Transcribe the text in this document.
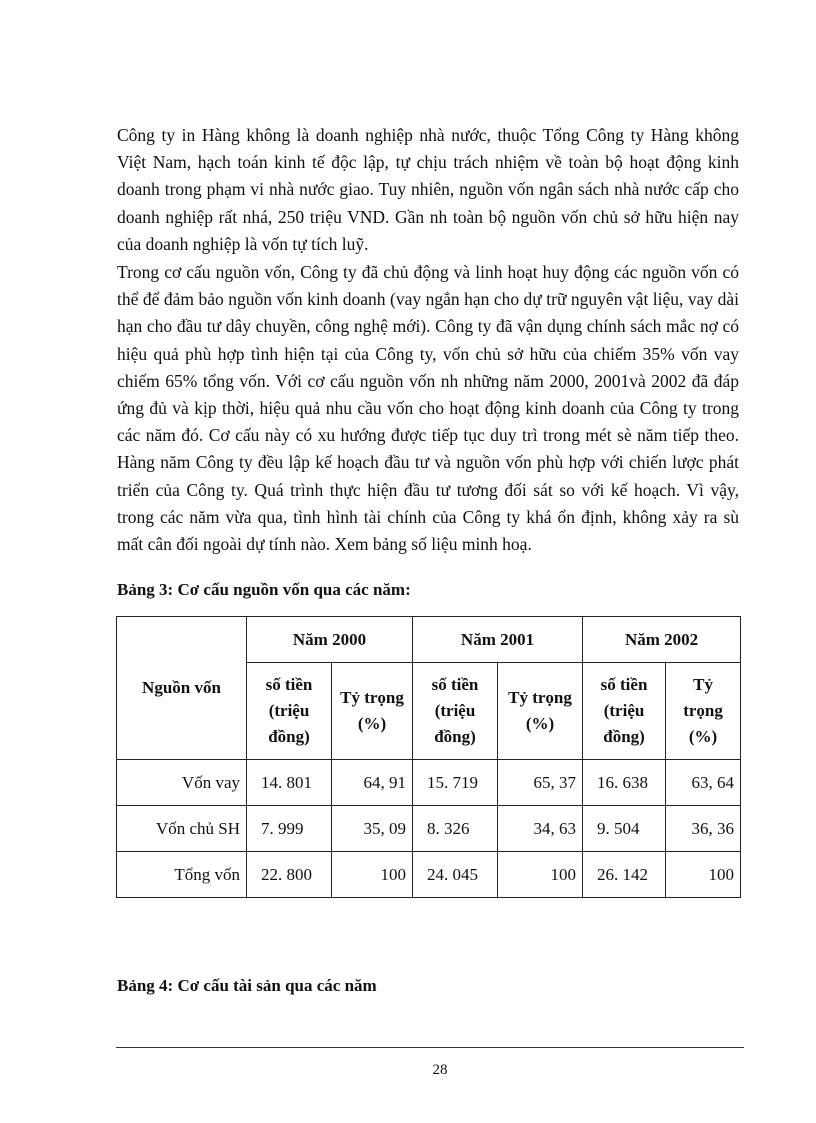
Công ty in Hàng không là doanh nghiệp nhà nước, thuộc Tổng Công ty Hàng không Việt Nam, hạch toán kinh tế độc lập, tự chịu trách nhiệm về toàn bộ hoạt động kinh doanh trong phạm vi nhà nước giao. Tuy nhiên, nguồn vốn ngân sách nhà nước cấp cho doanh nghiệp rất nhá, 250 triệu VND. Gần nh toàn bộ nguồn vốn chủ sở hữu hiện nay của doanh nghiệp là vốn tự tích luỹ.

Trong cơ cấu nguồn vốn, Công ty đã chủ động và linh hoạt huy động các nguồn vốn có thể để đảm bảo nguồn vốn kinh doanh (vay ngắn hạn cho dự trữ nguyên vật liệu, vay dài hạn cho đầu tư dây chuyền, công nghệ mới). Công ty đã vận dụng chính sách mắc nợ có hiệu quả phù hợp tình hiện tại của Công ty, vốn chủ sở hữu của chiếm 35% vốn vay chiếm 65% tổng vốn. Với cơ cấu nguồn vốn nh những năm 2000, 2001và 2002 đã đáp ứng đủ và kịp thời, hiệu quả nhu cầu vốn cho hoạt động kinh doanh của Công ty trong các năm đó. Cơ cấu này có xu hướng được tiếp tục duy trì trong mét sè năm tiếp theo. Hàng năm Công ty đều lập kế hoạch đầu tư và nguồn vốn phù hợp với chiến lược phát triển của Công ty. Quá trình thực hiện đầu tư tương đối sát so với kế hoạch. Vì vậy, trong các năm vừa qua, tình hình tài chính của Công ty khá ổn định, không xảy ra sù mất cân đối ngoài dự tính nào. Xem bảng số liệu minh hoạ.

Bảng 3: Cơ cấu nguồn vốn qua các năm:

Nguồn vốn	Năm 2000		Năm 2001		Năm 2002	
	số tiền (triệu đồng)	Tỷ trọng (%)	số tiền (triệu đồng)	Tỷ trọng (%)	số tiền (triệu đồng)	Tỷ trọng (%)
Vốn vay	14. 801	64, 91	15. 719	65, 37	16. 638	63, 64
Vốn chủ SH	7. 999	35, 09	8. 326	34, 63	9. 504	36, 36
Tổng vốn	22. 800	100	24. 045	100	26. 142	100

Bảng 4: Cơ cấu tài sản qua các năm

28
